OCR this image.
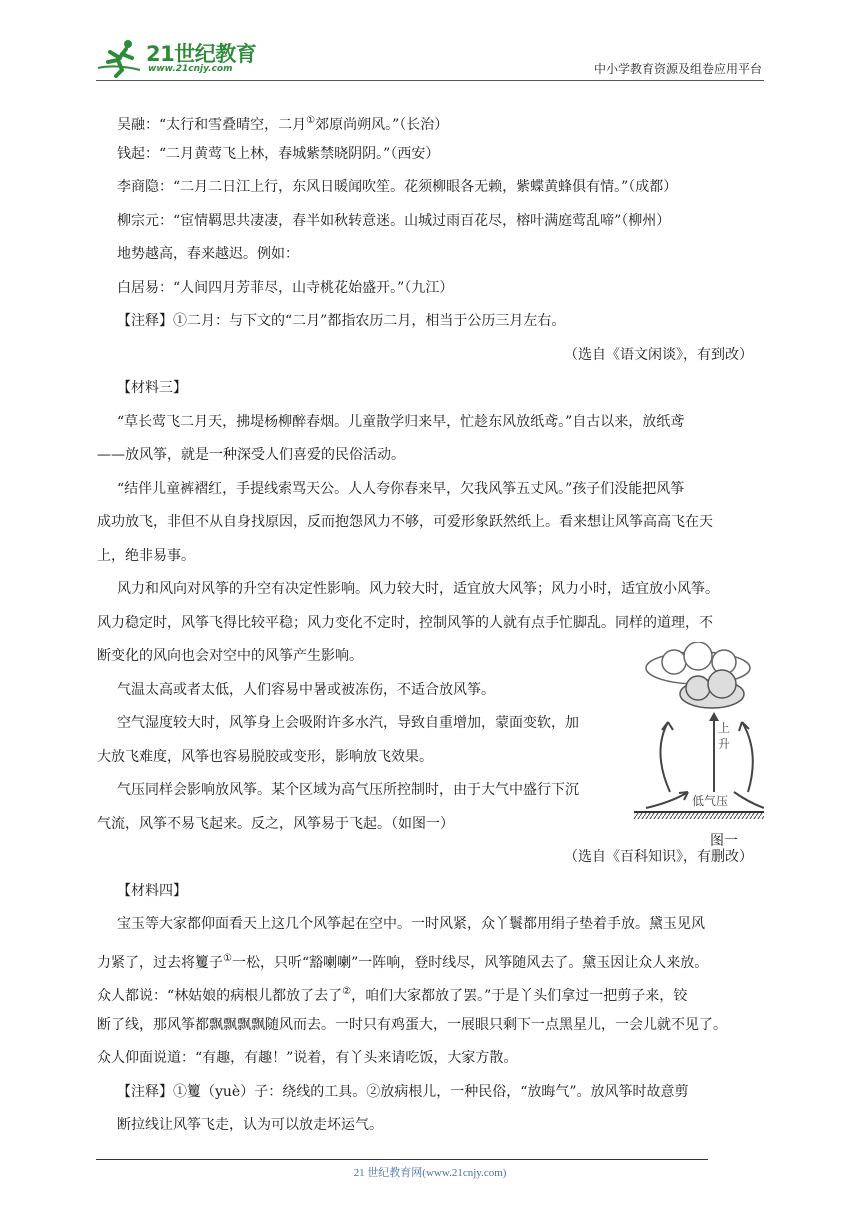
21世纪教育
www.21cnjy.com	中小学教育资源及组卷应用平台
吴融：“太行和雪叠晴空，二月①郊原尚朔风。”（长治）
钱起：“二月黄莺飞上林，春城紫禁晓阴阴。”（西安）
李商隐：“二月二日江上行，东风日暖闻吹笙。花须柳眼各无赖，紫蝶黄蜂俱有情。”（成都）
柳宗元：“宦情羁思共凄凄，春半如秋转意迷。山城过雨百花尽，榕叶满庭莺乱啼”（柳州）
地势越高，春来越迟。例如：
白居易：“人间四月芳菲尽，山寺桃花始盛开。”（九江）
【注释】①二月：与下文的“二月”都指农历二月，相当于公历三月左右。
（选自《语文闲谈》，有到改）
【材料三】
“草长莺飞二月天，拂堤杨柳醉春烟。儿童散学归来早，忙趁东风放纸鸢。”自古以来，放纸鸢
——放风筝，就是一种深受人们喜爱的民俗活动。
“结伴儿童裤褶红，手提线索骂天公。人人夸你春来早，欠我风筝五丈风。”孩子们没能把风筝
成功放飞，非但不从自身找原因，反而抱怨风力不够，可爱形象跃然纸上。看来想让风筝高高飞在天
上，绝非易事。
风力和风向对风筝的升空有决定性影响。风力较大时，适宜放大风筝；风力小时，适宜放小风筝。
风力稳定时，风筝飞得比较平稳；风力变化不定时，控制风筝的人就有点手忙脚乱。同样的道理，不
断变化的风向也会对空中的风筝产生影响。
气温太高或者太低，人们容易中暑或被冻伤，不适合放风筝。
空气湿度较大时，风筝身上会吸附许多水汽，导致自重增加，蒙面变软，加
大放飞难度，风筝也容易脱胶或变形，影响放飞效果。
气压同样会影响放风筝。某个区域为高气压所控制时，由于大气中盛行下沉
气流，风筝不易飞起来。反之，风筝易于飞起。（如图一）
（选自《百科知识》，有删改）
【材料四】
宝玉等大家都仰面看天上这几个风筝起在空中。一时风紧，众丫鬟都用绢子垫着手放。黛玉见风
力紧了，过去将籰子①一松，只听“豁喇喇”一阵响，登时线尽，风筝随风去了。黛玉因让众人来放。
众人都说：“林姑娘的病根儿都放了去了②，咱们大家都放了罢。”于是丫头们拿过一把剪子来，铰
断了线，那风筝都飘飘飘飘随风而去。一时只有鸡蛋大，一展眼只剩下一点黑星儿，一会儿就不见了。
众人仰面说道：“有趣，有趣！”说着，有丫头来请吃饭，大家方散。
【注释】①籰（yuè）子：绕线的工具。②放病根儿，一种民俗，“放晦气”。放风筝时故意剪
断拉线让风筝飞走，认为可以放走坏运气。
上
升
低气压
图一
21 世纪教育网(www.21cnjy.com)
